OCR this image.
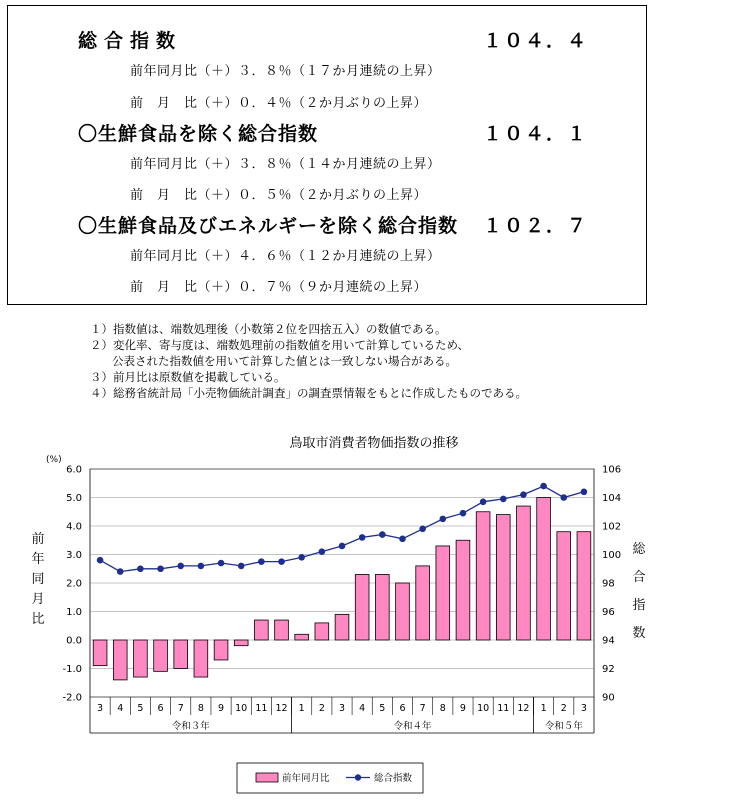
総合指数	１０４．４
前年同月比（＋）３．８％（１７か月連続の上昇）
前　月　比（＋）０．４％（２か月ぶりの上昇）
〇生鮮食品を除く総合指数	１０４．１
前年同月比（＋）３．８％（１４か月連続の上昇）
前　月　比（＋）０．５％（２か月ぶりの上昇）
〇生鮮食品及びエネルギーを除く総合指数 １０２．７
前年同月比（＋）４．６％（１２か月連続の上昇）
前　月　比（＋）０．７％（９か月連続の上昇）
１）指数値は、端数処理後（小数第２位を四捨五入）の数値である。
２）変化率、寄与度は、端数処理前の指数値を用いて計算しているため、
公表された指数値を用いて計算した値とは一致しない場合がある。
３）前月比は原数値を掲載している。
４）総務省統計局「小売物価統計調査」の調査票情報をもとに作成したものである。
鳥取市消費者物価指数の推移
(%)
前年同月比
総合指数
-2.0
-1.0
0.0
1.0
2.0
3.0
4.0
5.0
6.0
90
92
94
96
98
100
102
104
106
3 4 5 6 7 8 9 10 11 12 1 2 3 4 5 6 7 8 9 10 11 12 1 2 3
令和３年	令和４年	令和５年
前年同月比	総合指数
